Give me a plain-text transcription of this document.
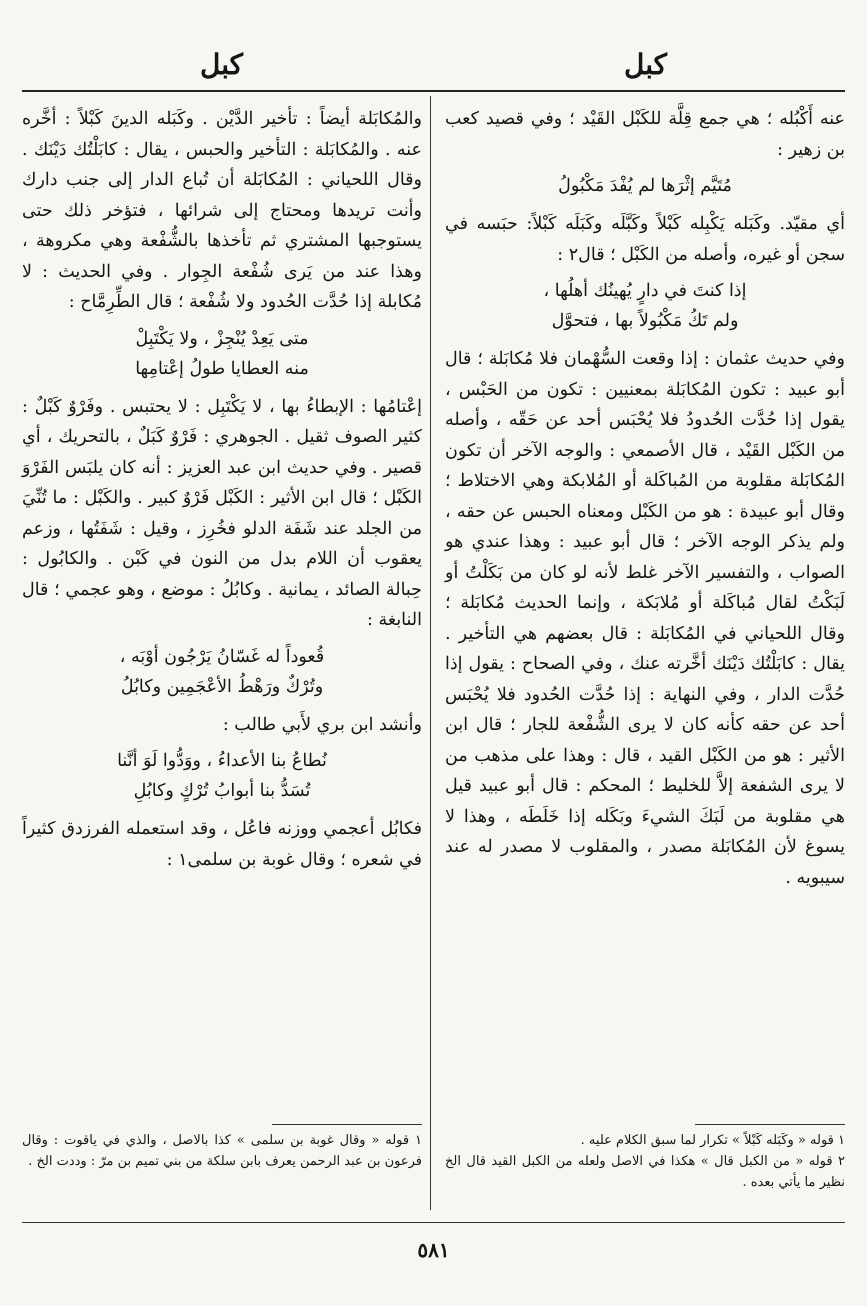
كبل
كبل

عنه أَكْبُله ؛ هي جمع قِلَّة للكَبْل القَيْد ؛ وفي قصيد كعب بن زهير :

مُتَيَّم إثْرَها لم يُفْدَ مَكْبُولُ

أي مقيّد. وكَبَله يَكْبِله كَبْلاً وكَبَّلَه وكَبَلَه كَبْلاً: حبَسه في سجن أو غيره، وأصله من الكَبْل ؛ قال٢ :

إذا كنتَ في دارٍ يُهينُك أهلُها ،
ولم تَكُ مَكْبُولاً بها ، فتحوَّل

وفي حديث عثمان : إذا وقعت السُّهْمان فلا مُكابَلة ؛ قال أبو عبيد : تكون المُكابَلة بمعنيين : تكون من الحَبْس ، يقول إذا حُدَّت الحُدودُ فلا يُحْبَس أحد عن حَقّه ، وأصله من الكَبْل القَيْد ، قال الأصمعي : والوجه الآخر أن تكون المُكابَلة مقلوبة من المُباكَلة أو المُلابكة وهي الاختلاط ؛ وقال أبو عبيدة : هو من الكَبْل ومعناه الحبس عن حقه ، ولم يذكر الوجه الآخر ؛ قال أبو عبيد : وهذا عندي هو الصواب ، والتفسير الآخر غلط لأنه لو كان من بَكَلْتُ أو لَبَكْتُ لقال مُباكَلة أو مُلابَكة ، وإنما الحديث مُكابَلة ؛ وقال اللحياني في المُكابَلة : قال بعضهم هي التأخير . يقال : كابَلْتُك دَيْنَك أخَّرته عنك ، وفي الصحاح : يقول إذا حُدَّت الدار ، وفي النهاية : إذا حُدَّت الحُدود فلا يُحْبَس أحد عن حقه كأنه كان لا يرى الشُّفْعة للجار ؛ قال ابن الأثير : هو من الكَبْل القيد ، قال : وهذا على مذهب من لا يرى الشفعة إلاَّ للخليط ؛ المحكم : قال أبو عبيد قيل هي مقلوبة من لَبَكَ الشيءَ وبَكَله إذا خَلَطَه ، وهذا لا يسوغ لأن المُكابَلة مصدر ، والمقلوب لا مصدر له عند سيبويه .

والمُكابَلة أيضاً : تأخير الدَّيْن . وكَبَله الدينَ كَبْلاً : أخَّره عنه . والمُكابَلة : التأخير والحبس ، يقال : كابَلْتُك دَيْنَك . وقال اللحياني : المُكابَلة أن تُباع الدار إلى جنب دارك وأنت تريدها ومحتاج إلى شرائها ، فتؤخر ذلك حتى يستوجبها المشتري ثم تأخذها بالشُّفْعة وهي مكروهة ، وهذا عند من يَرى شُفْعة الجِوار . وفي الحديث : لا مُكابلة إذا حُدَّت الحُدود ولا شُفْعة ؛ قال الطِّرِمَّاح :

متى يَعِدْ يُنْجِزْ ، ولا يَكْتَبِلْ
منه العطايا طولُ إعْتامِها

إعْتامُها : الإبطاءُ بها ، لا يَكْتَبِل : لا يحتبس . وفَرْوٌ كَبْلٌ : كثير الصوف ثقيل . الجوهري : فَرْوٌ كَبَلٌ ، بالتحريك ، أي قصير . وفي حديث ابن عبد العزيز : أنه كان يلبَس الفَرْوَ الكَبْل ؛ قال ابن الأثير : الكَبْل فَرْوٌ كبير . والكَبْل : ما تُنِّيَ من الجلد عند شَفَة الدلو فخُرِز ، وقيل : شَفَتُها ، وزعم يعقوب أن اللام بدل من النون في كَبْن . والكابُول : حِبالة الصائد ، يمانية . وكابُلُ : موضع ، وهو عجمي ؛ قال النابغة :

قُعوداً له غَسّانُ يَرْجُون أوْبَه ،
وتُرْكٌ ورَهْطُ الأعْجَمِين وكابُلُ

وأنشد ابن بري لأَبي طالب :

نُطاعُ بنا الأعداءُ ، ووَدُّوا لَوَ أنَّنا
تُسَدُّ بنا أبوابُ تُرْكٍ وكابُلِ

فكابُل أعجمي ووزنه فاعُل ، وقد استعمله الفرزدق كثيراً في شعره ؛ وقال غوبة بن سلمى١ :

١ قوله « وكَبَله كَبْلاً » تكرار لما سبق الكلام عليه .
٢ قوله « من الكبل قال » هكذا في الاصل ولعله من الكبل القيد قال الخ نظير ما يأتي بعده .
١ قوله « وقال غوبة بن سلمى » كذا بالاصل ، والذي في ياقوت : وقال فرعون بن عبد الرحمن يعرف بابن سلكة من بني تميم بن مرّ : وددت الخ .
٥٨١
